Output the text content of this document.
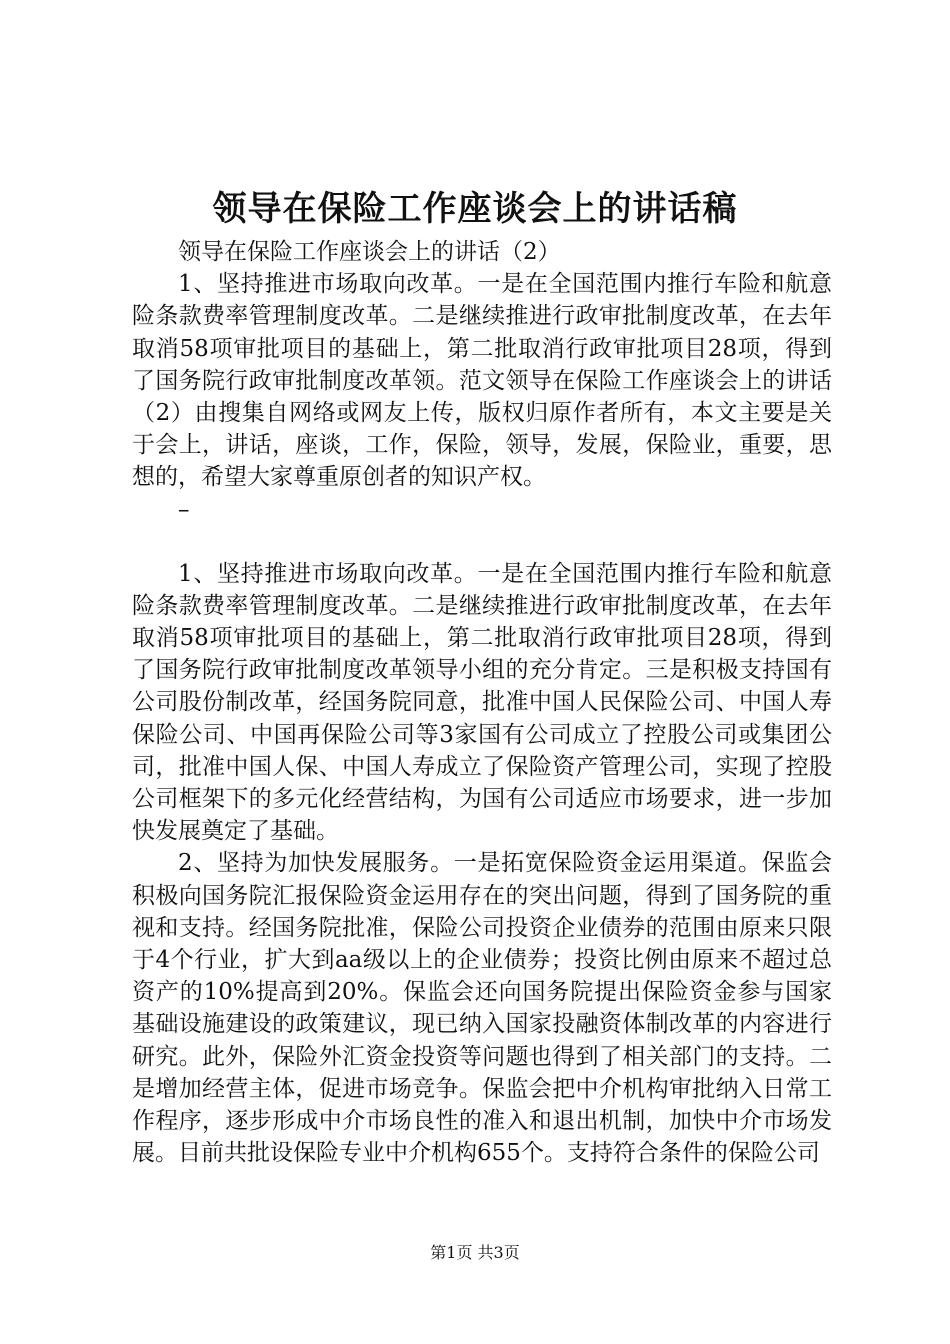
领导在保险工作座谈会上的讲话稿

领导在保险工作座谈会上的讲话（2）

1、坚持推进市场取向改革。一是在全国范围内推行车险和航意险条款费率管理制度改革。二是继续推进行政审批制度改革，在去年取消58项审批项目的基础上，第二批取消行政审批项目28项，得到了国务院行政审批制度改革领。范文领导在保险工作座谈会上的讲话（2）由搜集自网络或网友上传，版权归原作者所有，本文主要是关于会上，讲话，座谈，工作，保险，领导，发展，保险业，重要，思想的，希望大家尊重原创者的知识产权。

–

1、坚持推进市场取向改革。一是在全国范围内推行车险和航意险条款费率管理制度改革。二是继续推进行政审批制度改革，在去年取消58项审批项目的基础上，第二批取消行政审批项目28项，得到了国务院行政审批制度改革领导小组的充分肯定。三是积极支持国有公司股份制改革，经国务院同意，批准中国人民保险公司、中国人寿保险公司、中国再保险公司等3家国有公司成立了控股公司或集团公司，批准中国人保、中国人寿成立了保险资产管理公司，实现了控股公司框架下的多元化经营结构，为国有公司适应市场要求，进一步加快发展奠定了基础。

2、坚持为加快发展服务。一是拓宽保险资金运用渠道。保监会积极向国务院汇报保险资金运用存在的突出问题，得到了国务院的重视和支持。经国务院批准，保险公司投资企业债券的范围由原来只限于4个行业，扩大到aa级以上的企业债券；投资比例由原来不超过总资产的10%提高到20%。保监会还向国务院提出保险资金参与国家基础设施建设的政策建议，现已纳入国家投融资体制改革的内容进行研究。此外，保险外汇资金投资等问题也得到了相关部门的支持。二是增加经营主体，促进市场竞争。保监会把中介机构审批纳入日常工作程序，逐步形成中介市场良性的准入和退出机制，加快中介市场发展。目前共批设保险专业中介机构655个。支持符合条件的保险公司

第1页 共3页
